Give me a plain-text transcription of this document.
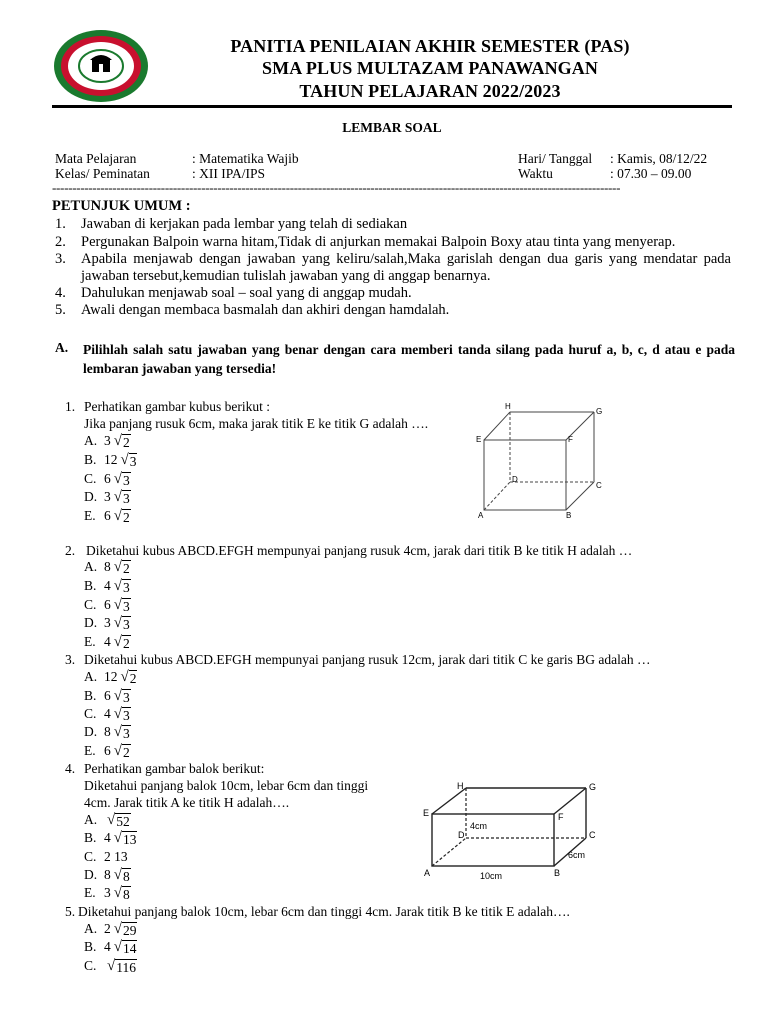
PANITIA PENILAIAN AKHIR SEMESTER (PAS)
SMA PLUS MULTAZAM PANAWANGAN
TAHUN PELAJARAN 2022/2023
LEMBAR SOAL
Mata Pelajaran	: Matematika Wajib
Kelas/ Peminatan	: XII IPA/IPS
Hari/ Tanggal : Kamis, 08/12/22
Waktu	: 07.30 – 09.00
---------------------------------------------------------------------------------------------------------------------------------------------
PETUNJUK UMUM :
1. Jawaban di kerjakan pada lembar yang telah di sediakan
2. Pergunakan Balpoin warna hitam,Tidak di anjurkan memakai Balpoin Boxy atau tinta yang menyerap.
3. Apabila menjawab dengan jawaban yang keliru/salah,Maka garislah dengan dua garis yang mendatar pada jawaban tersebut,kemudian tulislah jawaban yang di anggap benarnya.
4. Dahulukan menjawab soal – soal yang di anggap mudah.
5. Awali dengan membaca basmalah dan akhiri dengan hamdalah.
A. Pilihlah salah satu jawaban yang benar dengan cara memberi tanda silang pada huruf a, b, c, d atau e pada lembaran jawaban yang tersedia!
1. Perhatikan gambar kubus berikut :
Jika panjang rusuk 6cm, maka jarak titik E ke titik G adalah ….
A. 3 √ 2
B. 12 √ 3
C. 6 √ 3
D. 3 √ 3
E. 6 √ 2
H
G
E	F
D
C
A	B
2. Diketahui kubus ABCD.EFGH mempunyai panjang rusuk 4cm, jarak dari titik B ke titik H adalah …
A. 8 √ 2
B. 4 √ 3
C. 6 √ 3
D. 3 √ 3
E. 4 √ 2
3. Diketahui kubus ABCD.EFGH mempunyai panjang rusuk 12cm, jarak dari titik C ke garis BG adalah …
A. 12 √ 2
B. 6 √ 3
C. 4 √ 3
D. 8 √ 3
E. 6 √ 2
4. Perhatikan gambar balok berikut:
Diketahui panjang balok 10cm, lebar 6cm dan tinggi
4cm. Jarak titik A ke titik H adalah….
A. √ 52
B. 4 √ 13
C. 2 13
D. 8 √ 8
E. 3 √ 8
H	G
E	F
D	C
A	B
4cm
6cm
10cm
5. Diketahui panjang balok 10cm, lebar 6cm dan tinggi 4cm. Jarak titik B ke titik E adalah….
A. 2 √ 29
B. 4 √ 14
C. √ 116
